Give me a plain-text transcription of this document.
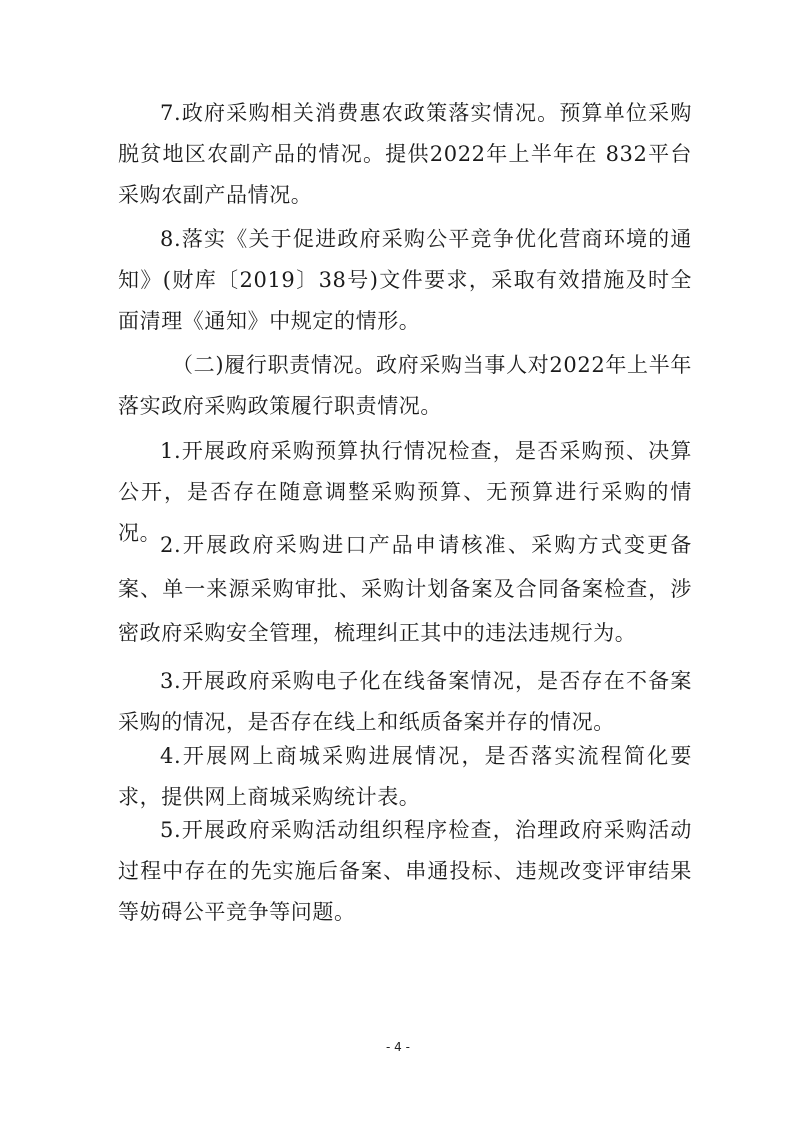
7.政府采购相关消费惠农政策落实情况。预算单位采购脱贫地区农副产品的情况。提供2022年上半年在 832平台采购农副产品情况。

8.落实《关于促进政府采购公平竞争优化营商环境的通知》(财库〔2019〕38号)文件要求，采取有效措施及时全面清理《通知》中规定的情形。

（二)履行职责情况。政府采购当事人对2022年上半年落实政府采购政策履行职责情况。

1.开展政府采购预算执行情况检查，是否采购预、决算公开，是否存在随意调整采购预算、无预算进行采购的情况。

2.开展政府采购进口产品申请核准、采购方式变更备案、单一来源采购审批、采购计划备案及合同备案检查，涉密政府采购安全管理，梳理纠正其中的违法违规行为。

3.开展政府采购电子化在线备案情况，是否存在不备案采购的情况，是否存在线上和纸质备案并存的情况。

4.开展网上商城采购进展情况，是否落实流程简化要求，提供网上商城采购统计表。

5.开展政府采购活动组织程序检查，治理政府采购活动过程中存在的先实施后备案、串通投标、违规改变评审结果等妨碍公平竞争等问题。

- 4 -
